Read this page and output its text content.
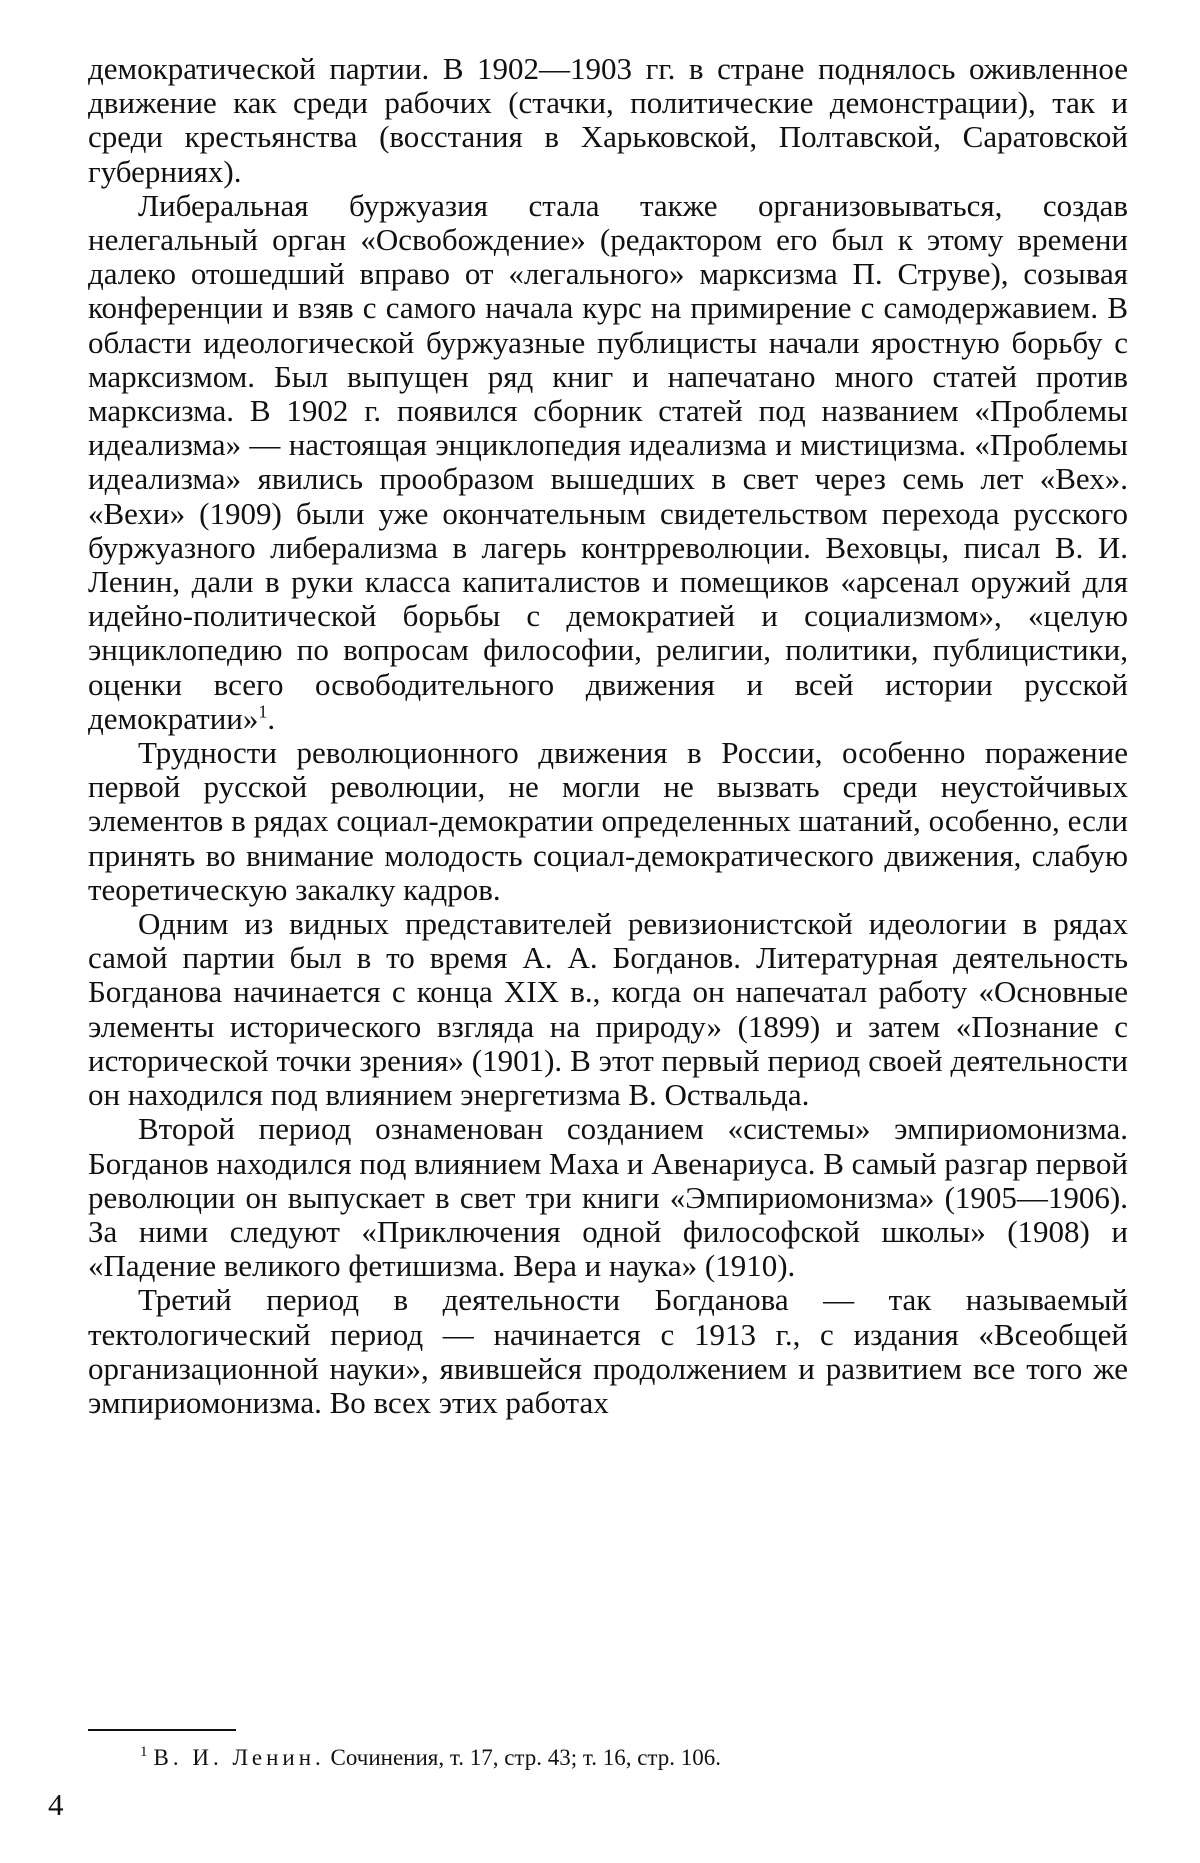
демократической партии. В 1902—1903 гг. в стране поднялось оживленное движение как среди рабочих (стачки, политические демонстрации), так и среди крестьянства (восстания в Харьковской, Полтавской, Саратовской губерниях).

Либеральная буржуазия стала также организовываться, создав нелегальный орган «Освобождение» (редактором его был к этому времени далеко отошедший вправо от «легального» марксизма П. Струве), созывая конференции и взяв с самого начала курс на примирение с самодержавием. В области идеологической буржуазные публицисты начали яростную борьбу с марксизмом. Был выпущен ряд книг и напечатано много статей против марксизма. В 1902 г. появился сборник статей под названием «Проблемы идеализма» — настоящая энциклопедия идеализма и мистицизма. «Проблемы идеализма» явились прообразом вышедших в свет через семь лет «Вех». «Вехи» (1909) были уже окончательным свидетельством перехода русского буржуазного либерализма в лагерь контрреволюции. Веховцы, писал В. И. Ленин, дали в руки класса капиталистов и помещиков «арсенал оружий для идейно-политической борьбы с демократией и социализмом», «целую энциклопедию по вопросам философии, религии, политики, публицистики, оценки всего освободительного движения и всей истории русской демократии»$^1$.

Трудности революционного движения в России, особенно поражение первой русской революции, не могли не вызвать среди неустойчивых элементов в рядах социал-демократии определенных шатаний, особенно, если принять во внимание молодость социал-демократического движения, слабую теоретическую закалку кадров.

Одним из видных представителей ревизионистской идеологии в рядах самой партии был в то время А. А. Богданов. Литературная деятельность Богданова начинается с конца XIX в., когда он напечатал работу «Основные элементы исторического взгляда на природу» (1899) и затем «Познание с исторической точки зрения» (1901). В этот первый период своей деятельности он находился под влиянием энергетизма В. Оствальда.

Второй период ознаменован созданием «системы» эмпириомонизма. Богданов находился под влиянием Маха и Авенариуса. В самый разгар первой революции он выпускает в свет три книги «Эмпириомонизма» (1905—1906). За ними следуют «Приключения одной философской школы» (1908) и «Падение великого фетишизма. Вера и наука» (1910).

Третий период в деятельности Богданова — так называемый тектологический период — начинается с 1913 г., с издания «Всеобщей организационной науки», явившейся продолжением и развитием все того же эмпириомонизма. Во всех этих работах

$^1$ В. И. Ленин. Сочинения, т. 17, стр. 43; т. 16, стр. 106.
4
